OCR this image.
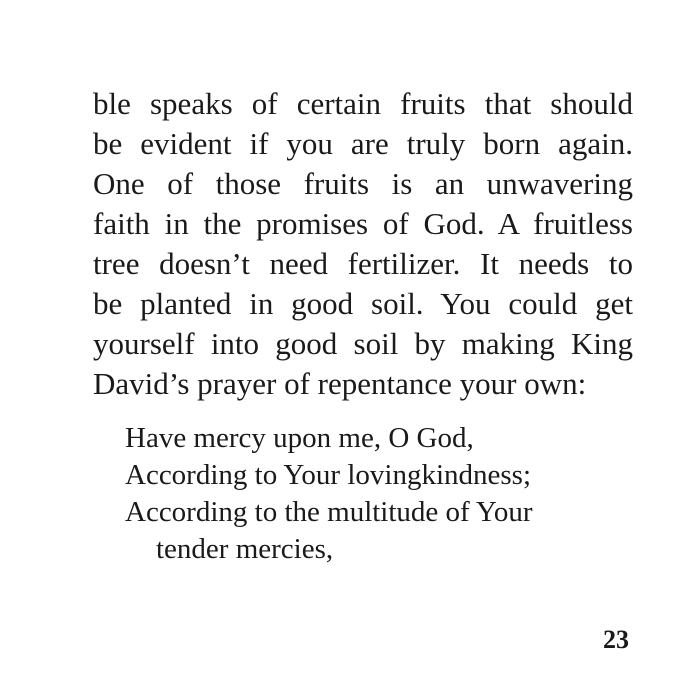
ble speaks of certain fruits that should
be evident if you are truly born again.
One of those fruits is an unwavering
faith in the promises of God. A fruitless
tree doesn’t need fertilizer. It needs to
be planted in good soil. You could get
yourself into good soil by making King
David’s prayer of repentance your own:
Have mercy upon me, O God,
According to Your lovingkindness;
According to the multitude of Your
tender mercies,
23
